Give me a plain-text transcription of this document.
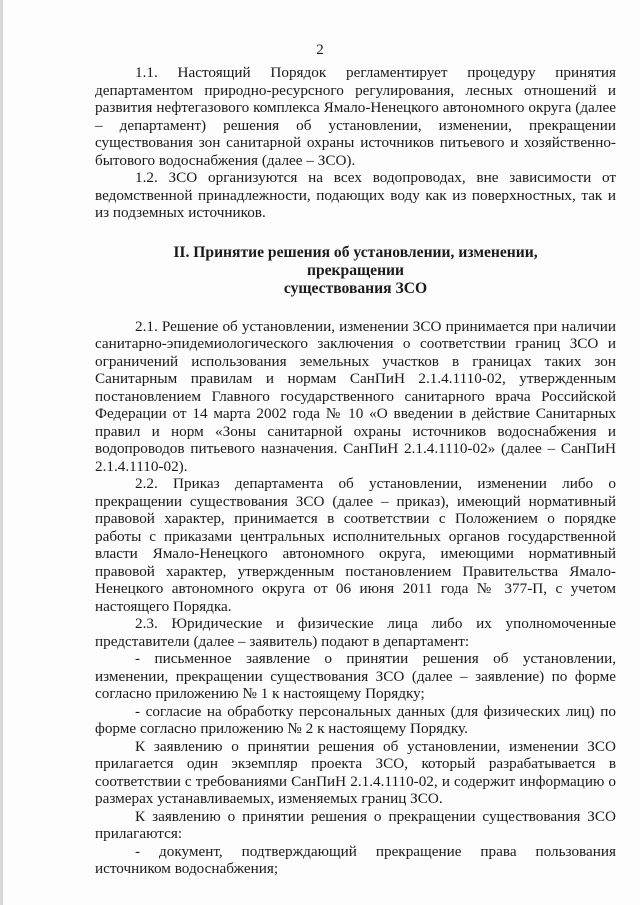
2

1.1. Настоящий Порядок регламентирует процедуру принятия департаментом природно-ресурсного регулирования, лесных отношений и развития нефтегазового комплекса Ямало-Ненецкого автономного округа (далее – департамент) решения об установлении, изменении, прекращении существования зон санитарной охраны источников питьевого и хозяйственно-бытового водоснабжения (далее – ЗСО).

1.2. ЗСО организуются на всех водопроводах, вне зависимости от ведомственной принадлежности, подающих воду как из поверхностных, так и из подземных источников.

II. Принятие решения об установлении, изменении, прекращении
существования ЗСО

2.1. Решение об установлении, изменении ЗСО принимается при наличии санитарно-эпидемиологического заключения о соответствии границ ЗСО и ограничений использования земельных участков в границах таких зон Санитарным правилам и нормам СанПиН 2.1.4.1110-02, утвержденным постановлением Главного государственного санитарного врача Российской Федерации от 14 марта 2002 года № 10 «О введении в действие Санитарных правил и норм «Зоны санитарной охраны источников водоснабжения и водопроводов питьевого назначения. СанПиН 2.1.4.1110-02» (далее – СанПиН 2.1.4.1110-02).

2.2. Приказ департамента об установлении, изменении либо о прекращении существования ЗСО (далее – приказ), имеющий нормативный правовой характер, принимается в соответствии с Положением о порядке работы с приказами центральных исполнительных органов государственной власти Ямало-Ненецкого автономного округа, имеющими нормативный правовой характер, утвержденным постановлением Правительства Ямало-Ненецкого автономного округа от 06 июня 2011 года № 377-П, с учетом настоящего Порядка.

2.3. Юридические и физические лица либо их уполномоченные представители (далее – заявитель) подают в департамент:

- письменное заявление о принятии решения об установлении, изменении, прекращении существования ЗСО (далее – заявление) по форме согласно приложению № 1 к настоящему Порядку;

- согласие на обработку персональных данных (для физических лиц) по форме согласно приложению № 2 к настоящему Порядку.

К заявлению о принятии решения об установлении, изменении ЗСО прилагается один экземпляр проекта ЗСО, который разрабатывается в соответствии с требованиями СанПиН 2.1.4.1110-02, и содержит информацию о размерах устанавливаемых, изменяемых границ ЗСО.

К заявлению о принятии решения о прекращении существования ЗСО прилагаются:

- документ, подтверждающий прекращение права пользования источником водоснабжения;
